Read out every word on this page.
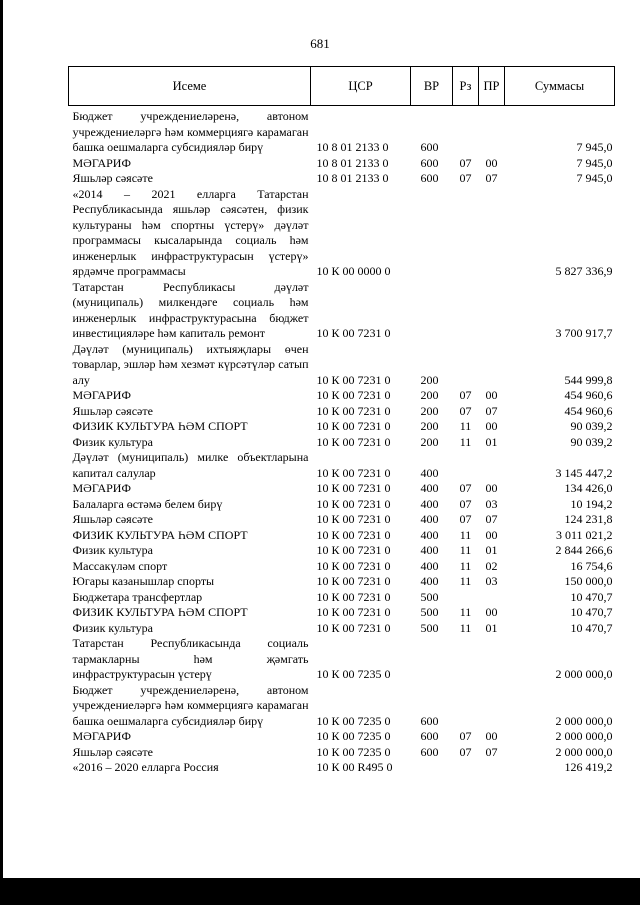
681
Исеме	ЦСР	ВР	Рз	ПР	Суммасы

Бюджет учреждениеләренә, автоном учреждениеләргә һәм коммерциягә карамаган башка оешмаларга субсидияләр бирү	10 8 01 2133 0	600			7 945,0
МӘГАРИФ	10 8 01 2133 0	600	07	00	7 945,0
Яшьләр сәясәте	10 8 01 2133 0	600	07	07	7 945,0
«2014 – 2021 елларга Татарстан Республикасында яшьләр сәясәтен, физик культураны һәм спортны үстерү» дәүләт программасы кысаларында социаль һәм инженерлык инфраструктурасын үстерү» ярдәмче программасы	10 К 00 0000 0				5 827 336,9
Татарстан Республикасы дәүләт (муниципаль) милкендәге социаль һәм инженерлык инфраструктурасына бюджет инвестицияләре һәм капиталь ремонт	10 К 00 7231 0				3 700 917,7
Дәүләт (муниципаль) ихтыяҗлары өчен товарлар, эшләр һәм хезмәт күрсәтүләр сатып алу	10 К 00 7231 0	200			544 999,8
МӘГАРИФ	10 К 00 7231 0	200	07	00	454 960,6
Яшьләр сәясәте	10 К 00 7231 0	200	07	07	454 960,6
ФИЗИК КУЛЬТУРА ҺӘМ СПОРТ	10 К 00 7231 0	200	11	00	90 039,2
Физик культура	10 К 00 7231 0	200	11	01	90 039,2
Дәүләт (муниципаль) милке объектларына капитал салулар	10 К 00 7231 0	400			3 145 447,2
МӘГАРИФ	10 К 00 7231 0	400	07	00	134 426,0
Балаларга өстәмә белем бирү	10 К 00 7231 0	400	07	03	10 194,2
Яшьләр сәясәте	10 К 00 7231 0	400	07	07	124 231,8
ФИЗИК КУЛЬТУРА ҺӘМ СПОРТ	10 К 00 7231 0	400	11	00	3 011 021,2
Физик культура	10 К 00 7231 0	400	11	01	2 844 266,6
Массакүләм спорт	10 К 00 7231 0	400	11	02	16 754,6
Югары казанышлар спорты	10 К 00 7231 0	400	11	03	150 000,0
Бюджетара трансфертлар	10 К 00 7231 0	500			10 470,7
ФИЗИК КУЛЬТУРА ҺӘМ СПОРТ	10 К 00 7231 0	500	11	00	10 470,7
Физик культура	10 К 00 7231 0	500	11	01	10 470,7
Татарстан Республикасында социаль тармакларны һәм җәмгать инфраструктурасын үстерү	10 К 00 7235 0				2 000 000,0
Бюджет учреждениеләренә, автоном учреждениеләргә һәм коммерциягә карамаган башка оешмаларга субсидияләр бирү	10 К 00 7235 0	600			2 000 000,0
МӘГАРИФ	10 К 00 7235 0	600	07	00	2 000 000,0
Яшьләр сәясәте	10 К 00 7235 0	600	07	07	2 000 000,0
«2016 – 2020 елларга Россия	10 К 00 R495 0				126 419,2
